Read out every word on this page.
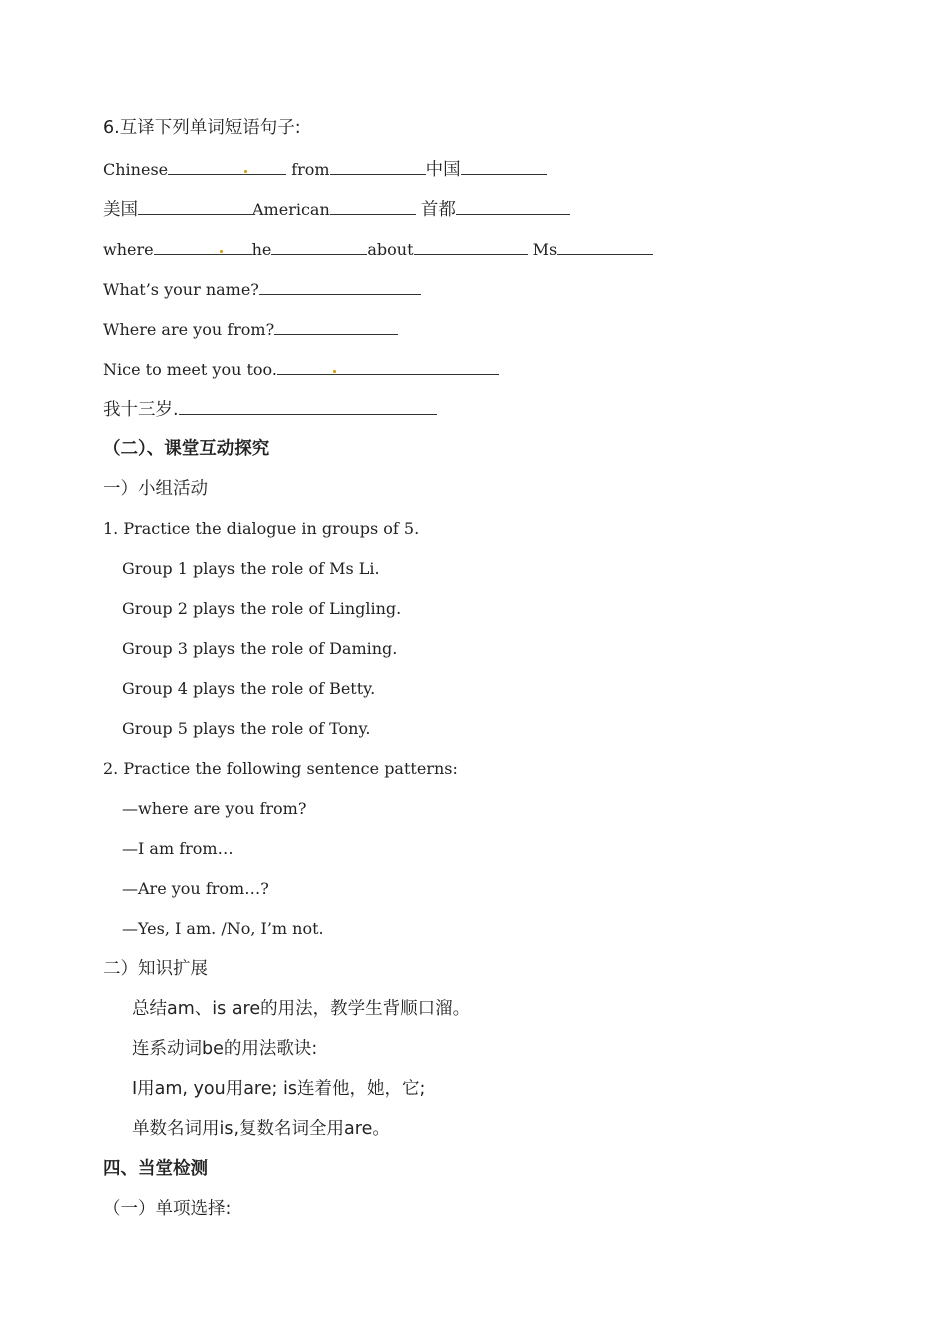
6.互译下列单词短语句子:
Chinese	from	中国
美国	American	首都
where	he	about	Ms
What’s your name?
Where are you from?
Nice to meet you too.
我十三岁.
（二）、课堂互动探究
一）小组活动
1. Practice the dialogue in groups of 5.
Group 1 plays the role of Ms Li.
Group 2 plays the role of Lingling.
Group 3 plays the role of Daming.
Group 4 plays the role of Betty.
Group 5 plays the role of Tony.
2. Practice the following sentence patterns:
—where are you from?
—I am from…
—Are you from…?
—Yes, I am. /No, I’m not.
二）知识扩展
总结am、is are的用法，教学生背顺口溜。
连系动词be的用法歌诀:
I用am, you用are; is连着他，她，它;
单数名词用is,复数名词全用are。
四、当堂检测
（一）单项选择:
